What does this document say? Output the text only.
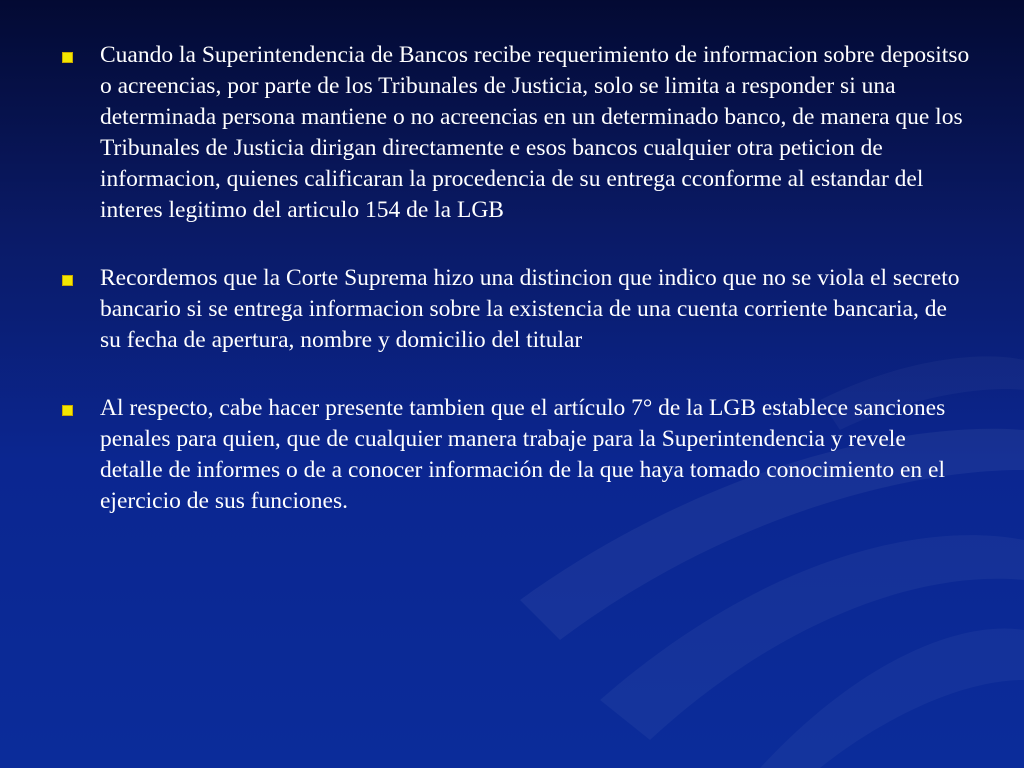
Cuando la Superintendencia de Bancos recibe requerimiento de informacion sobre depositso o acreencias, por parte de los Tribunales de Justicia, solo se limita a responder si una determinada persona mantiene o no acreencias en un determinado banco, de manera que los Tribunales de Justicia dirigan directamente e esos bancos cualquier otra peticion de informacion, quienes calificaran la procedencia de su entrega cconforme al estandar del interes legitimo del articulo 154 de la LGB
Recordemos que la Corte Suprema hizo una distincion que indico que no se viola el secreto bancario si se entrega informacion sobre la existencia de una cuenta corriente bancaria, de su fecha de apertura, nombre y domicilio del titular
Al respecto, cabe hacer presente tambien que el artículo 7° de la LGB establece sanciones penales para quien, que de cualquier manera trabaje para la Superintendencia y revele detalle de informes o de a conocer información de la que haya tomado conocimiento en el ejercicio de sus funciones.
